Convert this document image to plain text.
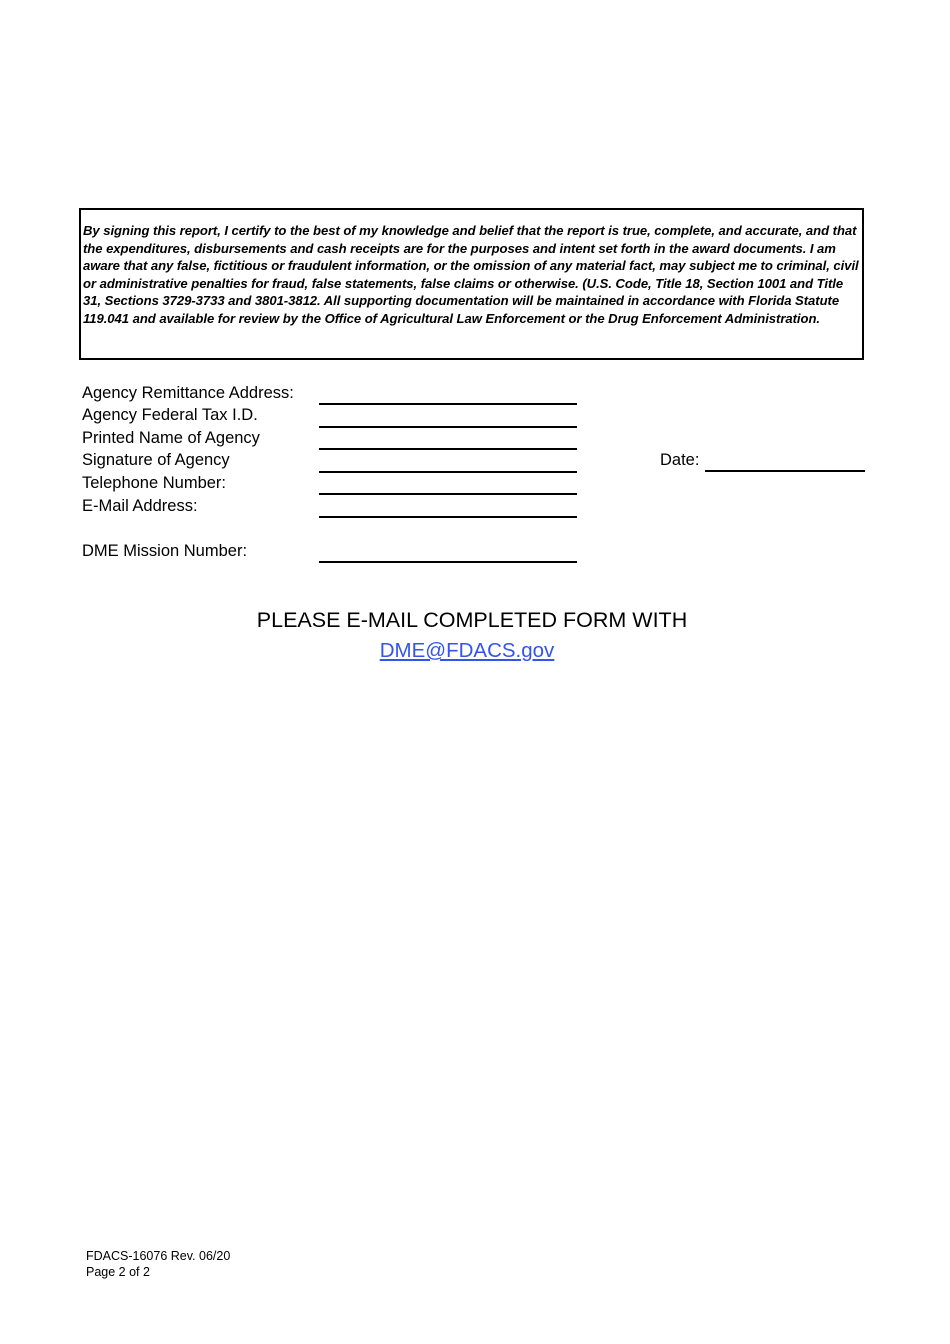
By signing this report, I certify to the best of my knowledge and belief that the report is true, complete, and accurate, and that the expenditures, disbursements and cash receipts are for the purposes and intent set forth in the award documents. I am aware that any false, fictitious or fraudulent information, or the omission of any material fact, may subject me to criminal, civil or administrative penalties for fraud, false statements, false claims or otherwise. (U.S. Code, Title 18, Section 1001 and Title 31, Sections 3729-3733 and 3801-3812. All supporting documentation will be maintained in accordance with Florida Statute 119.041 and available for review by the Office of Agricultural Law Enforcement or the Drug Enforcement Administration.

Agency Remittance Address:
Agency Federal Tax I.D.
Printed Name of Agency
Signature of Agency
Telephone Number:
E-Mail Address:
DME Mission Number:
Date:
PLEASE E-MAIL COMPLETED FORM WITH
DME@FDACS.gov
FDACS-16076 Rev. 06/20
Page 2 of 2
